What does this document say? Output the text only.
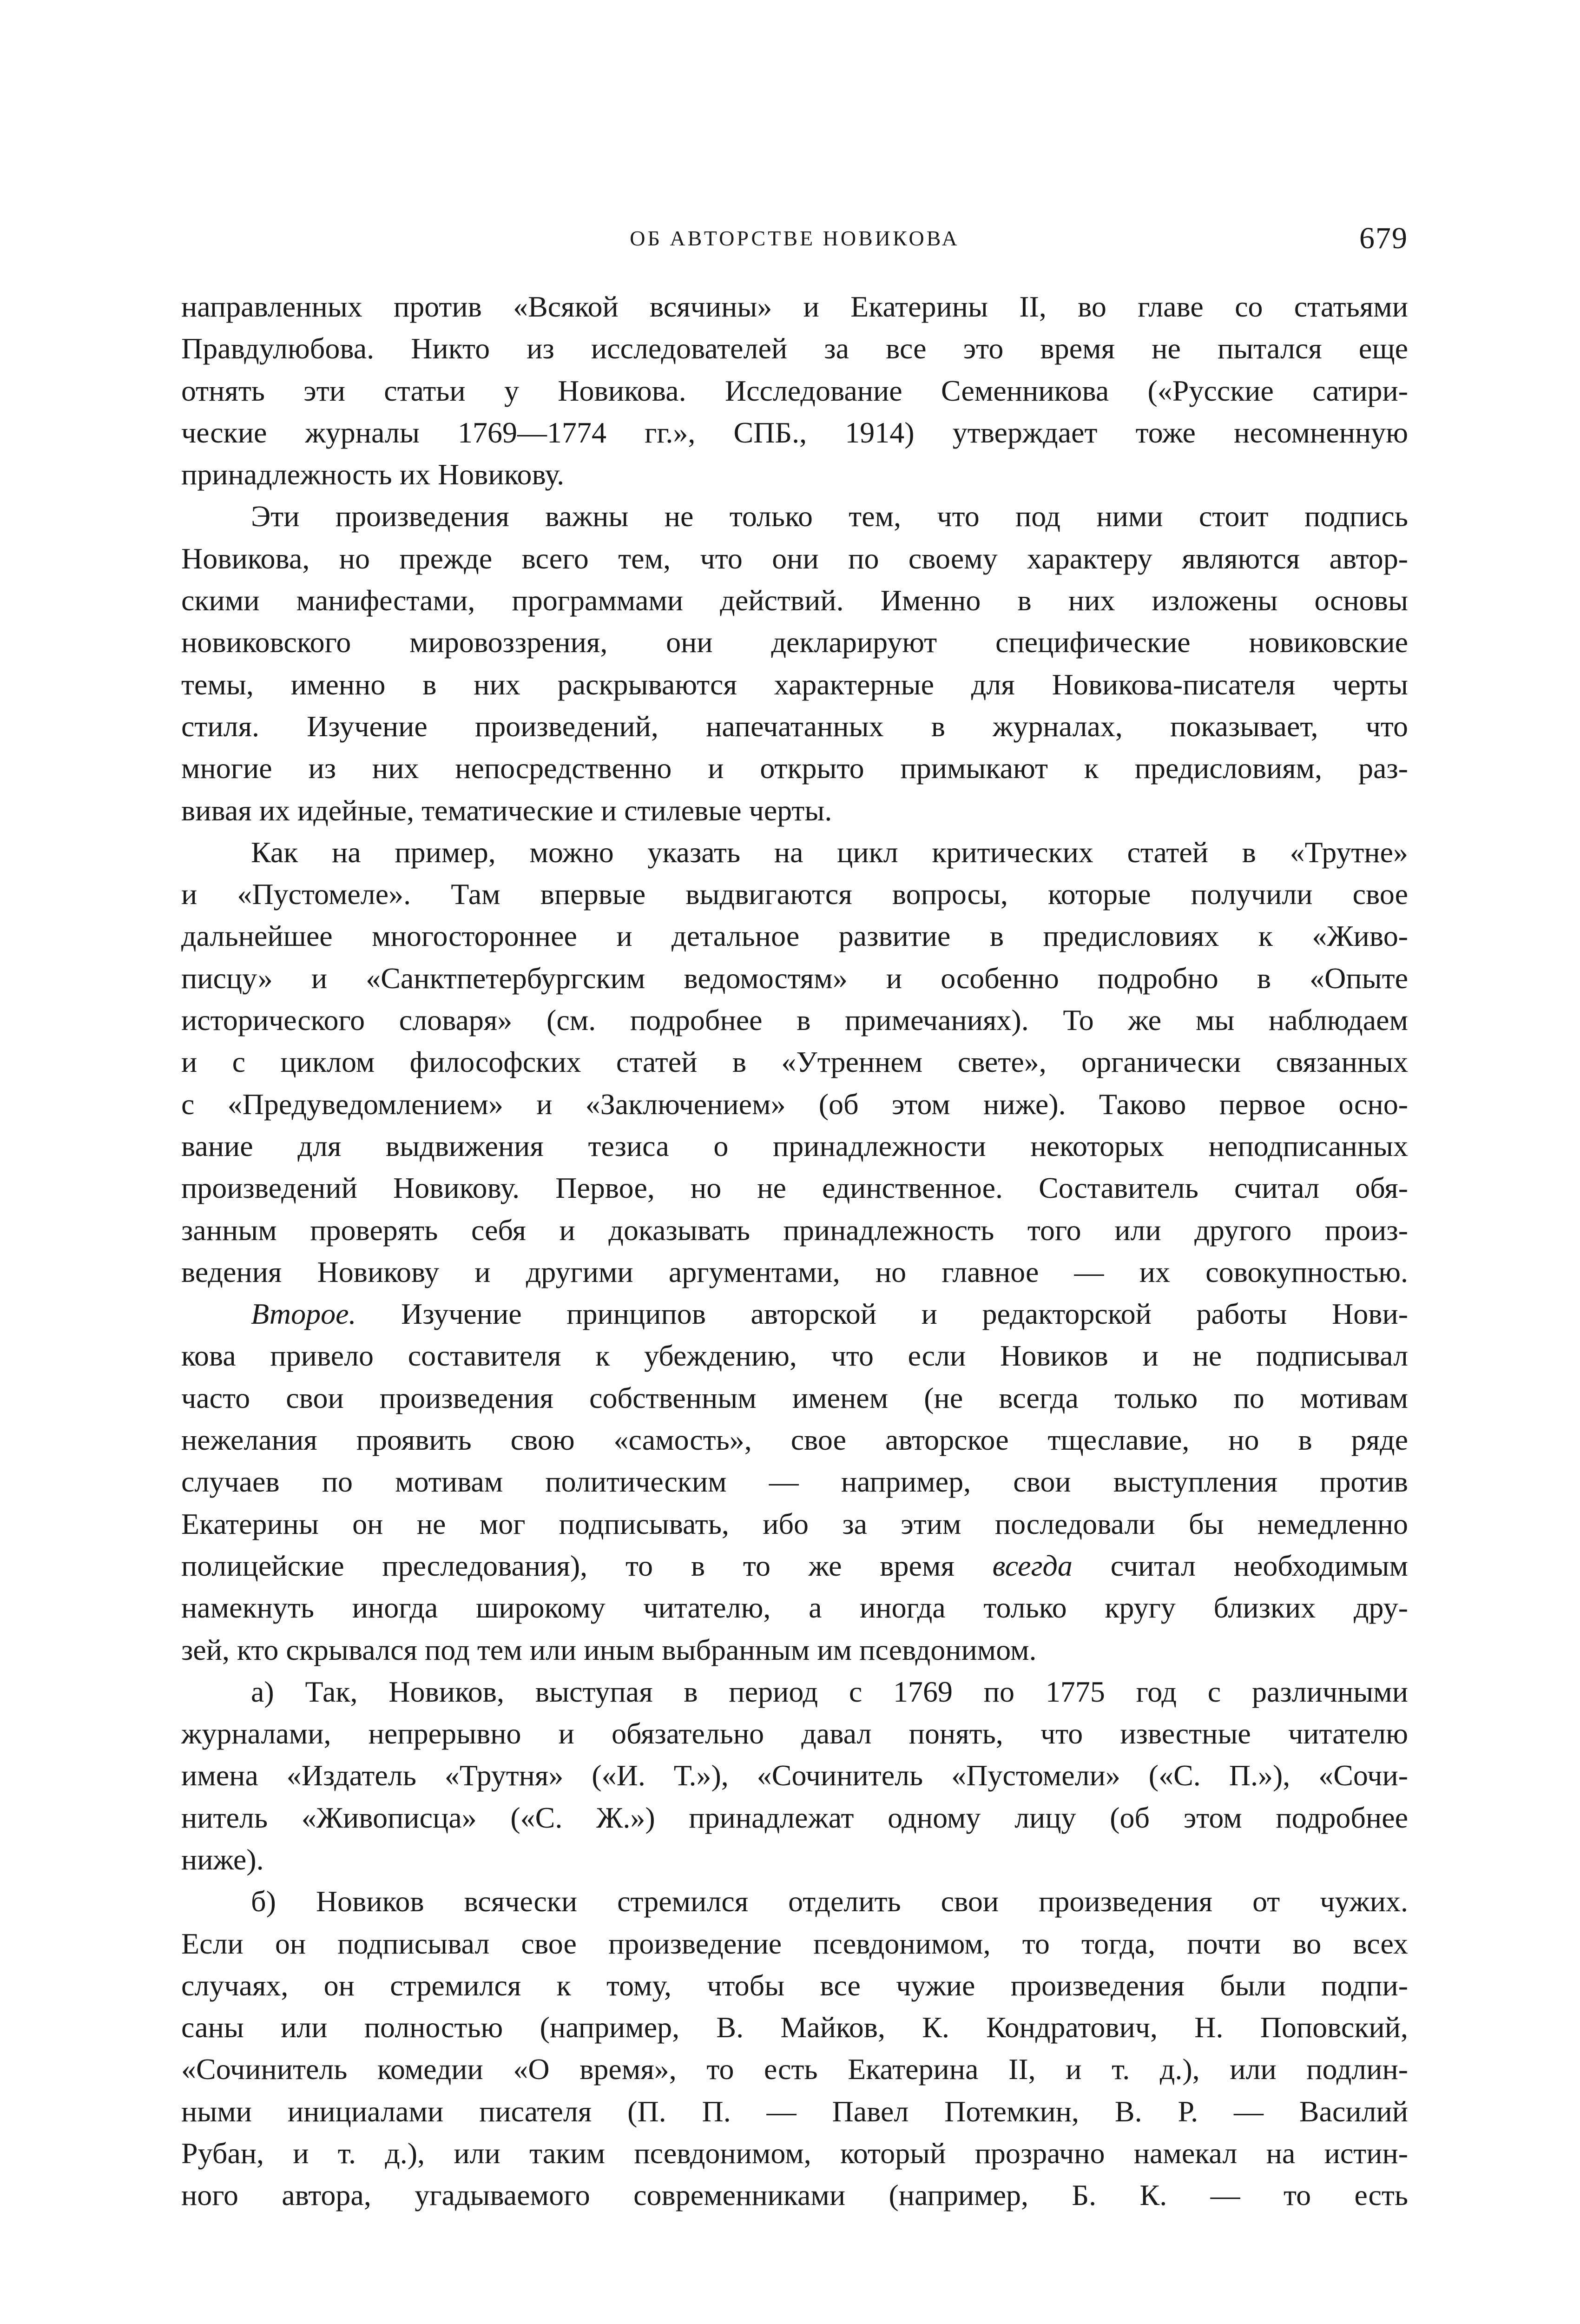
ОБ АВТОРСТВЕ НОВИКОВА	679
направленных против «Всякой всячины» и Екатерины II, во главе со статьями
Правдулюбова. Никто из исследователей за все это время не пытался еще
отнять эти статьи у Новикова. Исследование Семенникова («Русские сатири-
ческие журналы 1769—1774 гг.», СПБ., 1914) утверждает тоже несомненную
принадлежность их Новикову.
Эти произведения важны не только тем, что под ними стоит подпись
Новикова, но прежде всего тем, что они по своему характеру являются автор-
скими манифестами, программами действий. Именно в них изложены основы
новиковского мировоззрения, они декларируют специфические новиковские
темы, именно в них раскрываются характерные для Новикова-писателя черты
стиля. Изучение произведений, напечатанных в журналах, показывает, что
многие из них непосредственно и открыто примыкают к предисловиям, раз-
вивая их идейные, тематические и стилевые черты.
Как на пример, можно указать на цикл критических статей в «Трутне»
и «Пустомеле». Там впервые выдвигаются вопросы, которые получили свое
дальнейшее многостороннее и детальное развитие в предисловиях к «Живо-
писцу» и «Санктпетербургским ведомостям» и особенно подробно в «Опыте
исторического словаря» (см. подробнее в примечаниях). То же мы наблюдаем
и с циклом философских статей в «Утреннем свете», органически связанных
с «Предуведомлением» и «Заключением» (об этом ниже). Таково первое осно-
вание для выдвижения тезиса о принадлежности некоторых неподписанных
произведений Новикову. Первое, но не единственное. Составитель считал обя-
занным проверять себя и доказывать принадлежность того или другого произ-
ведения Новикову и другими аргументами, но главное — их совокупностью.
Второе. Изучение принципов авторской и редакторской работы Нови-
кова привело составителя к убеждению, что если Новиков и не подписывал
часто свои произведения собственным именем (не всегда только по мотивам
нежелания проявить свою «самость», свое авторское тщеславие, но в ряде
случаев по мотивам политическим — например, свои выступления против
Екатерины он не мог подписывать, ибо за этим последовали бы немедленно
полицейские преследования), то в то же время всегда считал необходимым
намекнуть иногда широкому читателю, а иногда только кругу близких дру-
зей, кто скрывался под тем или иным выбранным им псевдонимом.
а) Так, Новиков, выступая в период с 1769 по 1775 год с различными
журналами, непрерывно и обязательно давал понять, что известные читателю
имена «Издатель «Трутня» («И. Т.»), «Сочинитель «Пустомели» («С. П.»), «Сочи-
нитель «Живописца» («С. Ж.») принадлежат одному лицу (об этом подробнее
ниже).
б) Новиков всячески стремился отделить свои произведения от чужих.
Если он подписывал свое произведение псевдонимом, то тогда, почти во всех
случаях, он стремился к тому, чтобы все чужие произведения были подпи-
саны или полностью (например, В. Майков, К. Кондратович, Н. Поповский,
«Сочинитель комедии «О время», то есть Екатерина II, и т. д.), или подлин-
ными инициалами писателя (П. П. — Павел Потемкин, В. Р. — Василий
Рубан, и т. д.), или таким псевдонимом, который прозрачно намекал на истин-
ного автора, угадываемого современниками (например, Б. К. — то есть
